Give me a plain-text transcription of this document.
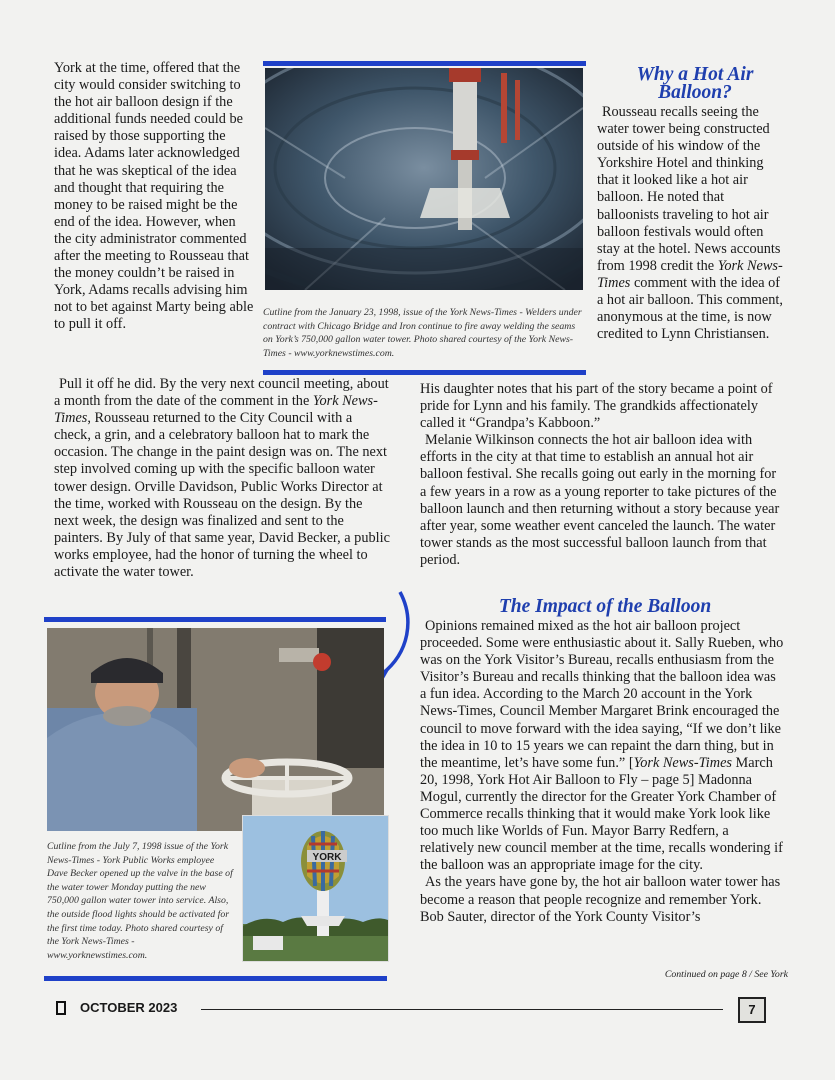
York at the time, offered that the city would consider switching to the hot air balloon design if the additional funds needed could be raised by those supporting the idea. Adams later acknowledged that he was skeptical of the idea and thought that requiring the money to be raised might be the end of the idea. However, when the city administrator commented after the meeting to Rousseau that the money couldn’t be raised in York, Adams recalls advising him not to bet against Marty being able to pull it off.
Cutline from the January 23, 1998, issue of the York News-Times - Welders under contract with Chicago Bridge and Iron continue to fire away welding the seams on York’s 750,000 gallon water tower. Photo shared courtesy of the York News-Times - www.yorknewstimes.com.
Why a Hot Air Balloon?
Rousseau recalls seeing the water tower being constructed outside of his window of the Yorkshire Hotel and thinking that it looked like a hot air balloon. He noted that balloonists traveling to hot air balloon festivals would often stay at the hotel. News accounts from 1998 credit the York News-Times comment with the idea of a hot air balloon. This comment, anonymous at the time, is now credited to Lynn Christiansen.
Pull it off he did. By the very next council meeting, about a month from the date of the comment in the York News-Times, Rousseau returned to the City Council with a check, a grin, and a celebratory balloon hat to mark the occasion. The change in the paint design was on. The next step involved coming up with the specific balloon water tower design. Orville Davidson, Public Works Director at the time, worked with Rousseau on the design. By the next week, the design was finalized and sent to the painters. By July of that same year, David Becker, a public works employee, had the honor of turning the wheel to activate the water tower.
His daughter notes that his part of the story became a point of pride for Lynn and his family. The grandkids affectionately called it “Grandpa’s Kabboon.”
Melanie Wilkinson connects the hot air balloon idea with efforts in the city at that time to establish an annual hot air balloon festival. She recalls going out early in the morning for a few years in a row as a young reporter to take pictures of the balloon launch and then returning without a story because year after year, some weather event canceled the launch. The water tower stands as the most successful balloon launch from that period.
The Impact of the Balloon
Opinions remained mixed as the hot air balloon project proceeded. Some were enthusiastic about it. Sally Rueben, who was on the York Visitor’s Bureau, recalls enthusiasm from the Visitor’s Bureau and recalls thinking that the balloon idea was a fun idea. According to the March 20 account in the York News-Times, Council Member Margaret Brink encouraged the council to move forward with the idea saying, “If we don’t like the idea in 10 to 15 years we can repaint the darn thing, but in the meantime, let’s have some fun.” [York News-Times March 20, 1998, York Hot Air Balloon to Fly – page 5] Madonna Mogul, currently the director for the Greater York Chamber of Commerce recalls thinking that it would make York look like too much like Worlds of Fun. Mayor Barry Redfern, a relatively new council member at the time, recalls wondering if the balloon was an appropriate image for the city.
As the years have gone by, the hot air balloon water tower has become a reason that people recognize and remember York. Bob Sauter, director of the York County Visitor’s
Continued on page 8 / See York
YORK
Cutline from the July 7, 1998 issue of the York News-Times - York Public Works employee Dave Becker opened up the valve in the base of the water tower Monday putting the new 750,000 gallon water tower into service. Also, the outside flood lights should be activated for the first time today. Photo shared courtesy of the York News-Times - www.yorknewstimes.com.
OCTOBER 2023	7
